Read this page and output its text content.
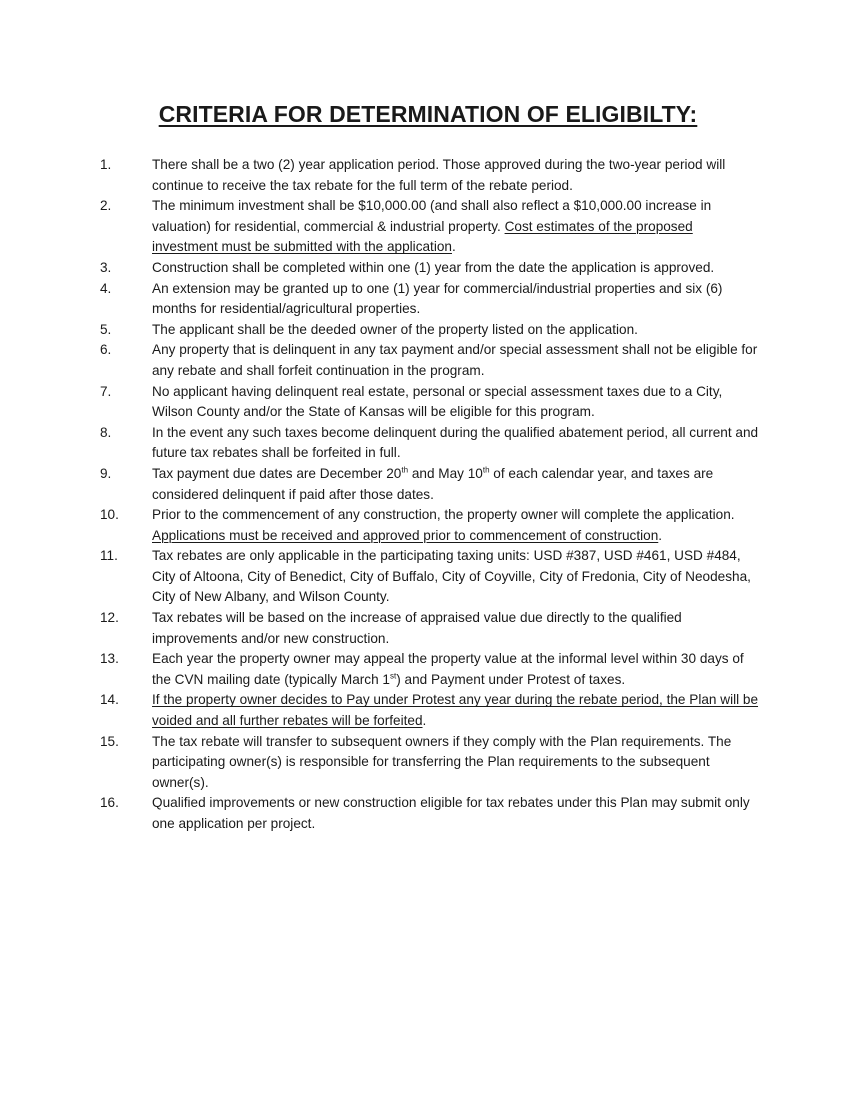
CRITERIA FOR DETERMINATION OF ELIGIBILTY:
1.	There shall be a two (2) year application period. Those approved during the two-year period will continue to receive the tax rebate for the full term of the rebate period.
2.	The minimum investment shall be $10,000.00 (and shall also reflect a $10,000.00 increase in valuation) for residential, commercial & industrial property. Cost estimates of the proposed investment must be submitted with the application.
3.	Construction shall be completed within one (1) year from the date the application is approved.
4.	An extension may be granted up to one (1) year for commercial/industrial properties and six (6) months for residential/agricultural properties.
5.	The applicant shall be the deeded owner of the property listed on the application.
6.	Any property that is delinquent in any tax payment and/or special assessment shall not be eligible for any rebate and shall forfeit continuation in the program.
7.	No applicant having delinquent real estate, personal or special assessment taxes due to a City, Wilson County and/or the State of Kansas will be eligible for this program.
8.	In the event any such taxes become delinquent during the qualified abatement period, all current and future tax rebates shall be forfeited in full.
9.	Tax payment due dates are December 20th and May 10th of each calendar year, and taxes are considered delinquent if paid after those dates.
10.	Prior to the commencement of any construction, the property owner will complete the application. Applications must be received and approved prior to commencement of construction.
11.	Tax rebates are only applicable in the participating taxing units: USD #387, USD #461, USD #484, City of Altoona, City of Benedict, City of Buffalo, City of Coyville, City of Fredonia, City of Neodesha, City of New Albany, and Wilson County.
12.	Tax rebates will be based on the increase of appraised value due directly to the qualified improvements and/or new construction.
13.	Each year the property owner may appeal the property value at the informal level within 30 days of the CVN mailing date (typically March 1st) and Payment under Protest of taxes.
14.	If the property owner decides to Pay under Protest any year during the rebate period, the Plan will be voided and all further rebates will be forfeited.
15.	The tax rebate will transfer to subsequent owners if they comply with the Plan requirements. The participating owner(s) is responsible for transferring the Plan requirements to the subsequent owner(s).
16.	Qualified improvements or new construction eligible for tax rebates under this Plan may submit only one application per project.
